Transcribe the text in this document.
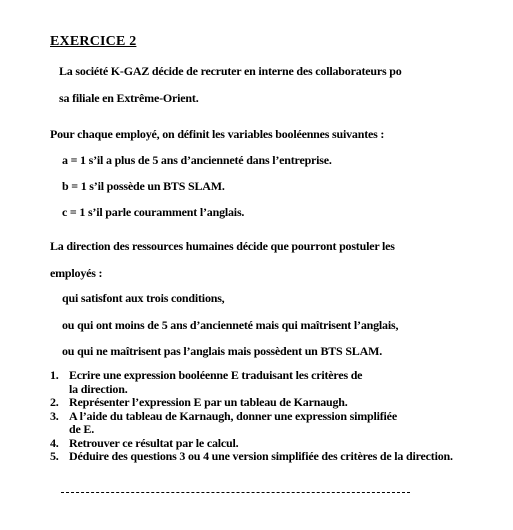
EXERCICE 2
La société K-GAZ décide de recruter en interne des collaborateurs po
sa filiale en Extrême-Orient.
Pour chaque employé, on définit les variables booléennes suivantes :
a = 1 s’il a plus de 5 ans d’ancienneté dans l’entreprise.
b = 1 s’il possède un BTS SLAM.
c = 1 s’il parle couramment l’anglais.
La direction des ressources humaines décide que pourront postuler les
employés :
qui satisfont aux trois conditions,
ou qui ont moins de 5 ans d’ancienneté mais qui maîtrisent l’anglais,
ou qui ne maîtrisent pas l’anglais mais possèdent un BTS SLAM.
1. Ecrire une expression booléenne E traduisant les critères de
la direction.
2. Représenter l’expression E par un tableau de Karnaugh.
3. A l’aide du tableau de Karnaugh, donner une expression simplifiée
de E.
4. Retrouver ce résultat par le calcul.
5. Déduire des questions 3 ou 4 une version simplifiée des critères de la direction.
